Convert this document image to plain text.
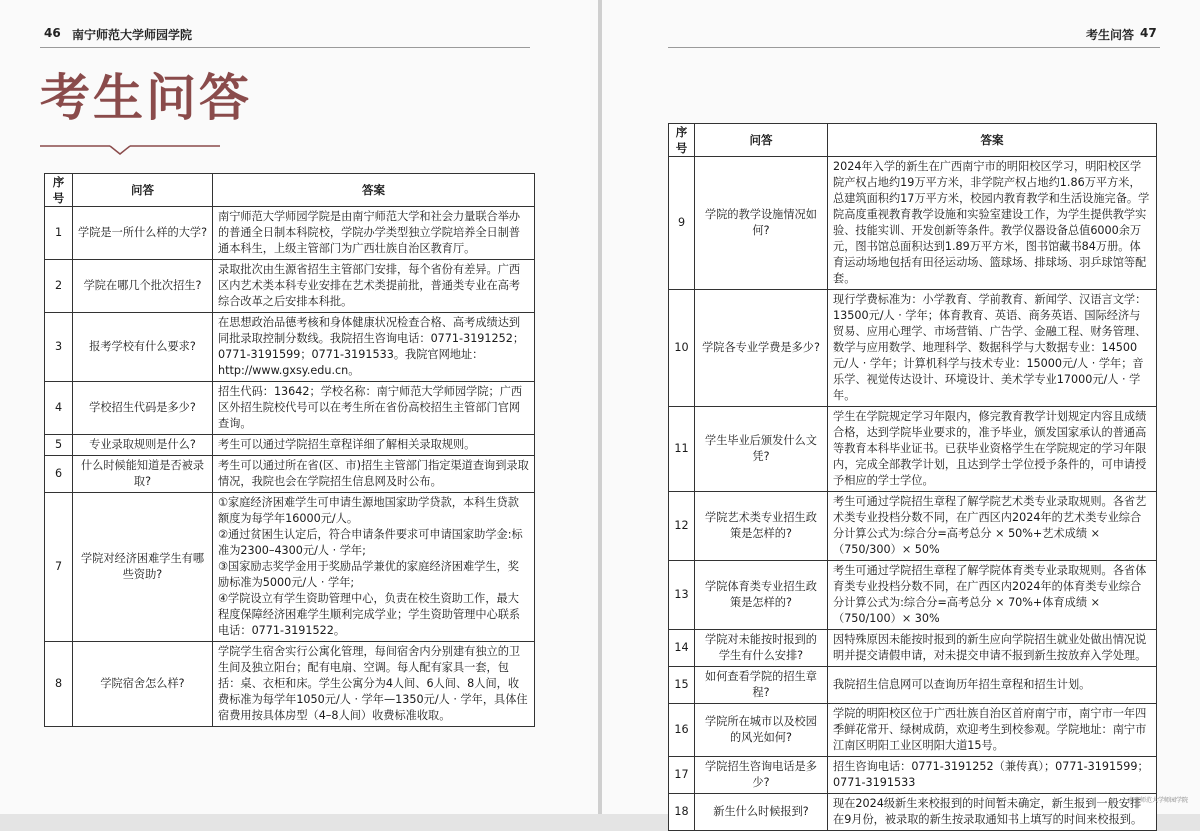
46 南宁师范大学师园学院
考生问答
序号	问答	答案
1	学院是一所什么样的大学?	南宁师范大学师园学院是由南宁师范大学和社会力量联合举办的普通全日制本科院校，学院办学类型独立学院培养全日制普通本科生，上级主管部门为广西壮族自治区教育厅。
2	学院在哪几个批次招生?	录取批次由生源省招生主管部门安排，每个省份有差异。广西区内艺术类本科专业安排在艺术类提前批，普通类专业在高考综合改革之后安排本科批。
3	报考学校有什么要求?	在思想政治品德考核和身体健康状况检查合格、高考成绩达到同批录取控制分数线。我院招生咨询电话：0771-3191252；0771-3191599；0771-3191533。我院官网地址：http://www.gxsy.edu.cn。
4	学校招生代码是多少?	招生代码：13642；学校名称：南宁师范大学师园学院；广西区外招生院校代号可以在考生所在省份高校招生主管部门官网查询。
5	专业录取规则是什么?	考生可以通过学院招生章程详细了解相关录取规则。
6	什么时候能知道是否被录取?	考生可以通过所在省(区、市)招生主管部门指定渠道查询到录取情况，我院也会在学院招生信息网及时公布。
7	学院对经济困难学生有哪些资助?	①家庭经济困难学生可申请生源地国家助学贷款，本科生贷款额度为每学年16000元/人。
②通过贫困生认定后，符合申请条件要求可申请国家助学金:标准为2300–4300元/人 · 学年;
③国家励志奖学金用于奖励品学兼优的家庭经济困难学生，奖励标准为5000元/人 · 学年;
④学院设立有学生资助管理中心，负责在校生资助工作，最大程度保障经济困难学生顺利完成学业；学生资助管理中心联系电话：0771-3191522。
8	学院宿舍怎么样?	学院学生宿舍实行公寓化管理，每间宿舍内分别建有独立的卫生间及独立阳台；配有电扇、空调。每人配有家具一套，包括：桌、衣柜和床。学生公寓分为4人间、6人间、8人间，收费标准为每学年1050元/人 · 学年—1350元/人 · 学年，具体住宿费用按具体房型（4–8人间）收费标准收取。
考生问答 47
序号	问答	答案
9	学院的教学设施情况如何?	2024年入学的新生在广西南宁市的明阳校区学习，明阳校区学院产权占地约19万平方米，非学院产权占地约1.86万平方米，总建筑面积约17万平方米，校园内教育教学和生活设施完备。学院高度重视教育教学设施和实验室建设工作，为学生提供教学实验、技能实训、开发创新等条件。教学仪器设备总值6000余万元，图书馆总面积达到1.89万平方米，图书馆藏书84万册。体育运动场地包括有田径运动场、篮球场、排球场、羽乒球馆等配套。
10	学院各专业学费是多少?	现行学费标准为：小学教育、学前教育、新闻学、汉语言文学：13500元/人 · 学年；体育教育、英语、商务英语、国际经济与贸易、应用心理学、市场营销、广告学、金融工程、财务管理、数学与应用数学、地理科学、数据科学与大数据专业：14500元/人 · 学年；计算机科学与技术专业：15000元/人 · 学年；音乐学、视觉传达设计、环境设计、美术学专业17000元/人 · 学年。
11	学生毕业后颁发什么文凭?	学生在学院规定学习年限内，修完教育教学计划规定内容且成绩合格，达到学院毕业要求的，准予毕业，颁发国家承认的普通高等教育本科毕业证书。已获毕业资格学生在学院规定的学习年限内，完成全部教学计划，且达到学士学位授予条件的，可申请授予相应的学士学位。
12	学院艺术类专业招生政策是怎样的?	考生可通过学院招生章程了解学院艺术类专业录取规则。各省艺术类专业投档分数不同，在广西区内2024年的艺术类专业综合分计算公式为:综合分=高考总分 × 50%+艺术成绩 ×（750/300）× 50%
13	学院体育类专业招生政策是怎样的?	考生可通过学院招生章程了解学院体育类专业录取规则。各省体育类专业投档分数不同，在广西区内2024年的体育类专业综合分计算公式为:综合分=高考总分 × 70%+体育成绩 ×（750/100）× 30%
14	学院对未能按时报到的学生有什么安排?	因特殊原因未能按时报到的新生应向学院招生就业处做出情况说明并提交请假申请，对未提交申请不报到新生按放弃入学处理。
15	如何查看学院的招生章程?	我院招生信息网可以查询历年招生章程和招生计划。
16	学院所在城市以及校园的风光如何?	学院的明阳校区位于广西壮族自治区首府南宁市，南宁市一年四季鲜花常开、绿树成荫，欢迎考生到校参观。学院地址：南宁市江南区明阳工业区明阳大道15号。
17	学院招生咨询电话是多少?	招生咨询电话：0771-3191252（兼传真）；0771-3191599；0771-3191533
18	新生什么时候报到?	现在2024级新生来校报到的时间暂未确定，新生报到一般安排在9月份，被录取的新生按录取通知书上填写的时间来校报到。
南宁师范大学师园学院
